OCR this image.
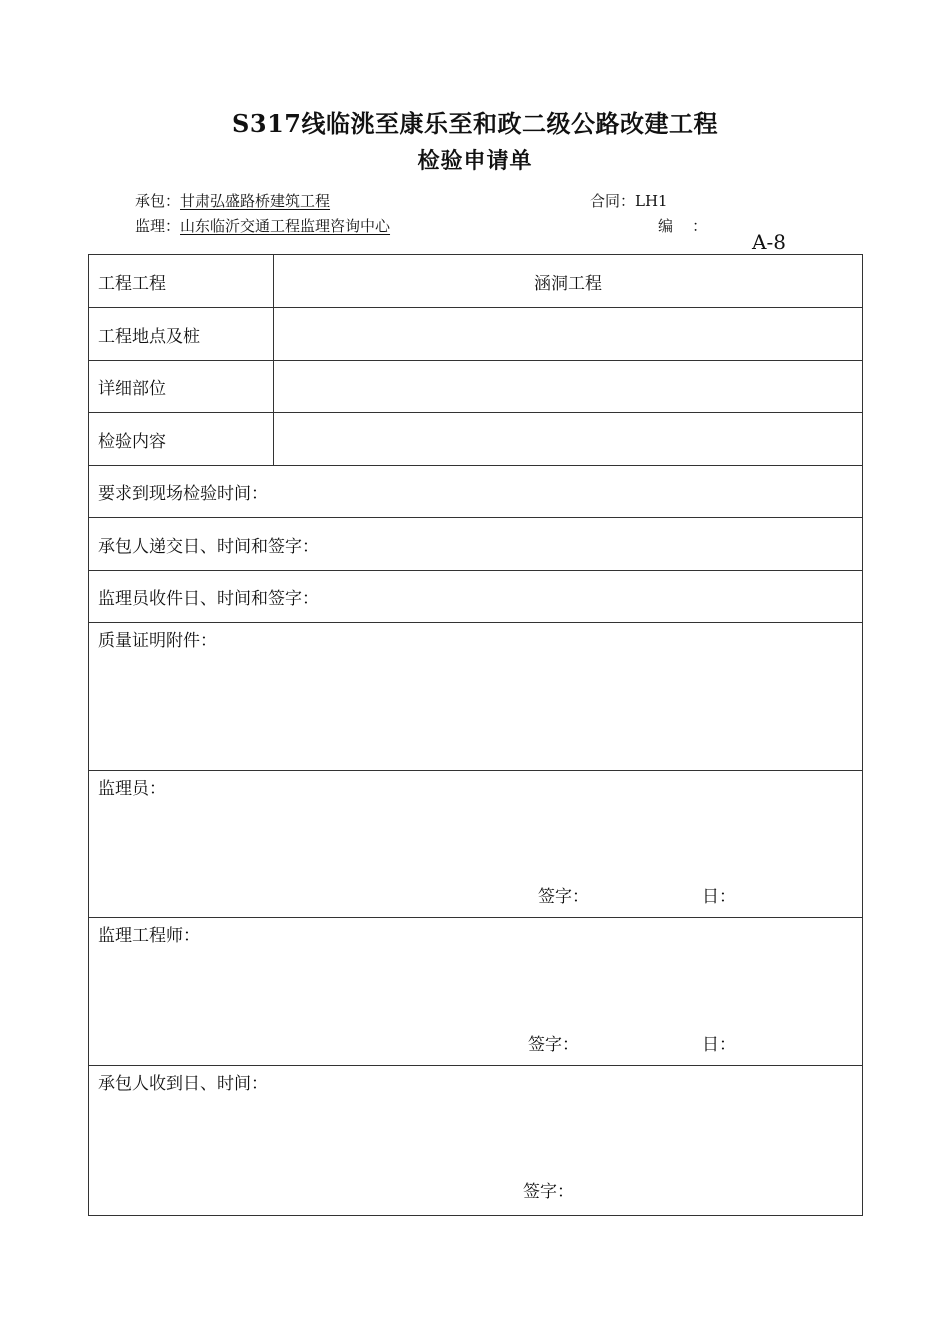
S317线临洮至康乐至和政二级公路改建工程
检验申请单
承包：甘肃弘盛路桥建筑工程	合同：LH1
监理：山东临沂交通工程监理咨询中心	编    ：
A-8
工程工程	涵洞工程
工程地点及桩
详细部位
检验内容
要求到现场检验时间：
承包人递交日、时间和签字：
监理员收件日、时间和签字：
质量证明附件：
监理员：
签字：	日：
监理工程师：
签字：	日：
承包人收到日、时间：
签字：
